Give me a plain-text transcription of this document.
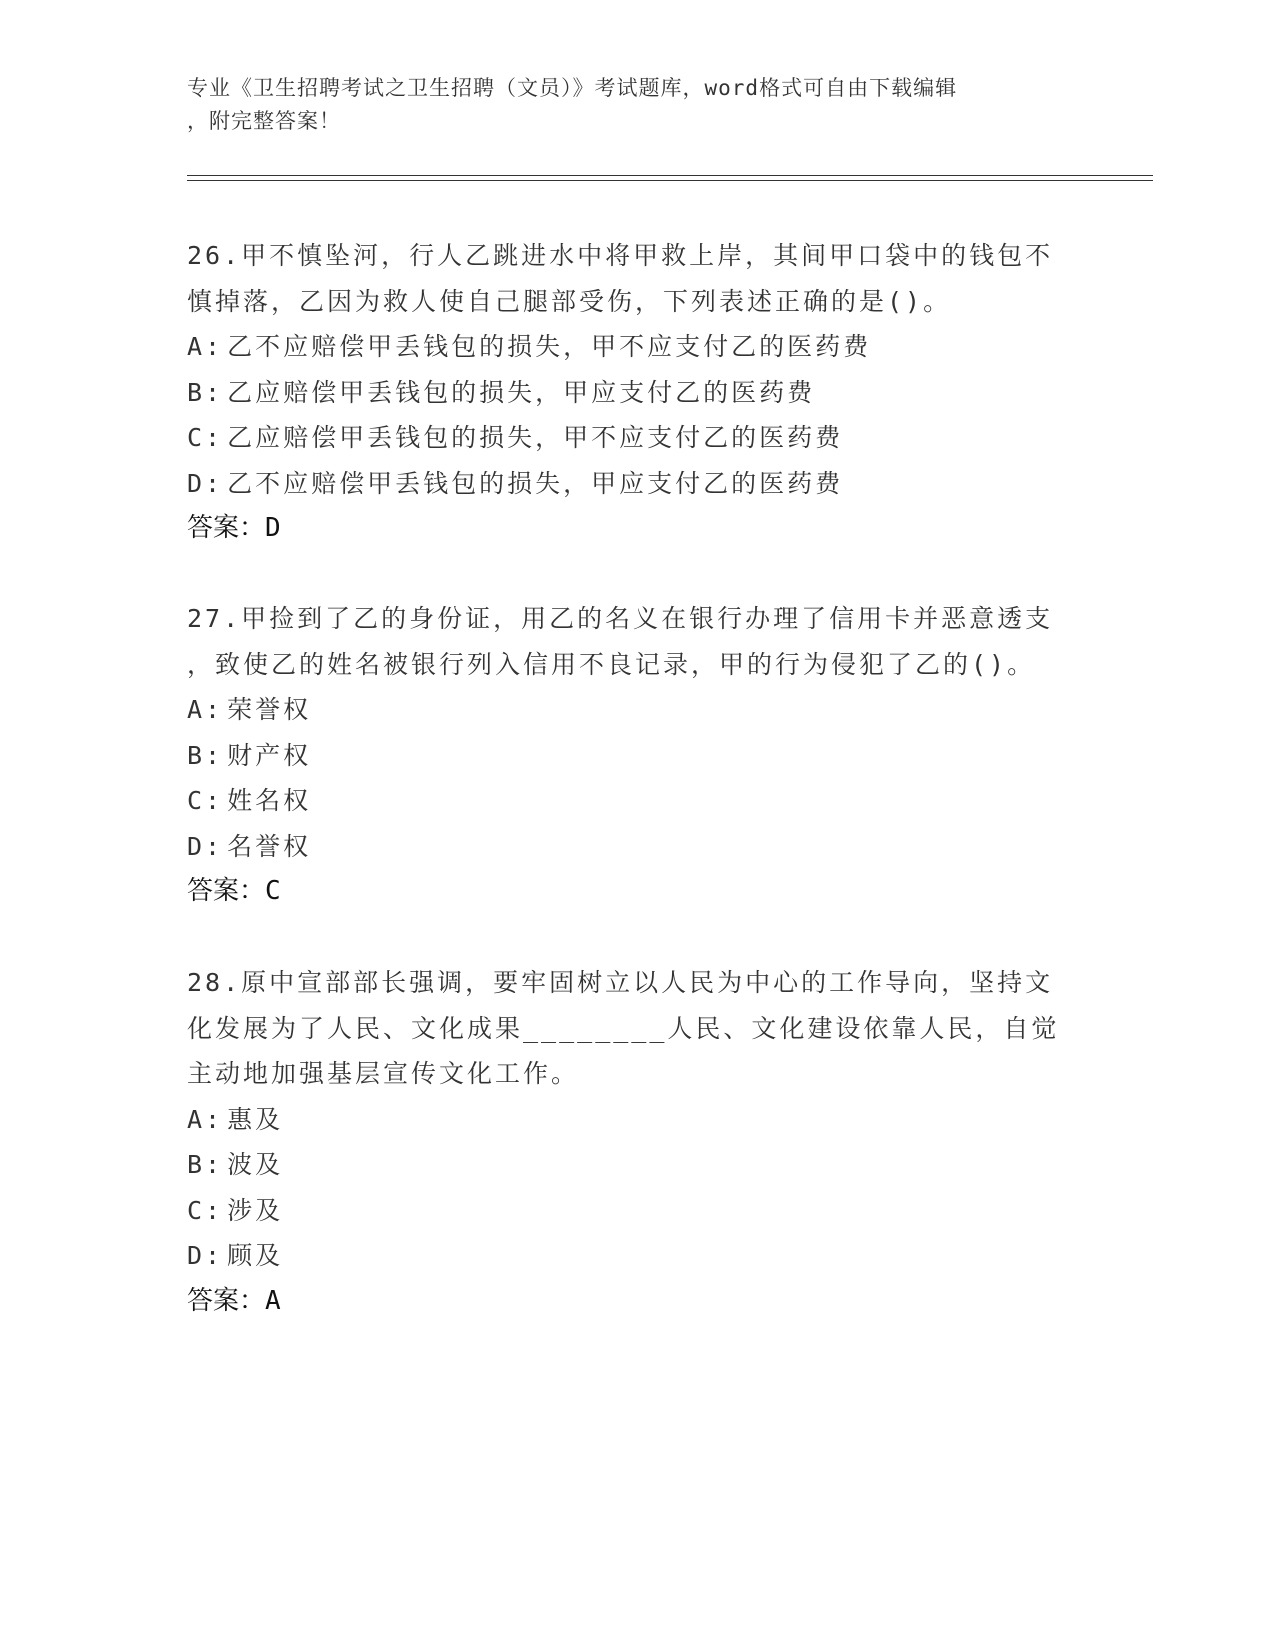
专业《卫生招聘考试之卫生招聘（文员）》考试题库，word格式可自由下载编辑
，附完整答案！

26.甲不慎坠河，行人乙跳进水中将甲救上岸，其间甲口袋中的钱包不

慎掉落，乙因为救人使自己腿部受伤，下列表述正确的是()。

A: 乙不应赔偿甲丢钱包的损失，甲不应支付乙的医药费

B: 乙应赔偿甲丢钱包的损失，甲应支付乙的医药费

C: 乙应赔偿甲丢钱包的损失，甲不应支付乙的医药费

D: 乙不应赔偿甲丢钱包的损失，甲应支付乙的医药费

答案：D

27.甲捡到了乙的身份证，用乙的名义在银行办理了信用卡并恶意透支

，致使乙的姓名被银行列入信用不良记录，甲的行为侵犯了乙的()。

A: 荣誉权

B: 财产权

C: 姓名权

D: 名誉权

答案：C

28.原中宣部部长强调，要牢固树立以人民为中心的工作导向，坚持文

化发展为了人民、文化成果________人民、文化建设依靠人民，自觉

主动地加强基层宣传文化工作。

A: 惠及

B: 波及

C: 涉及

D: 顾及

答案：A
